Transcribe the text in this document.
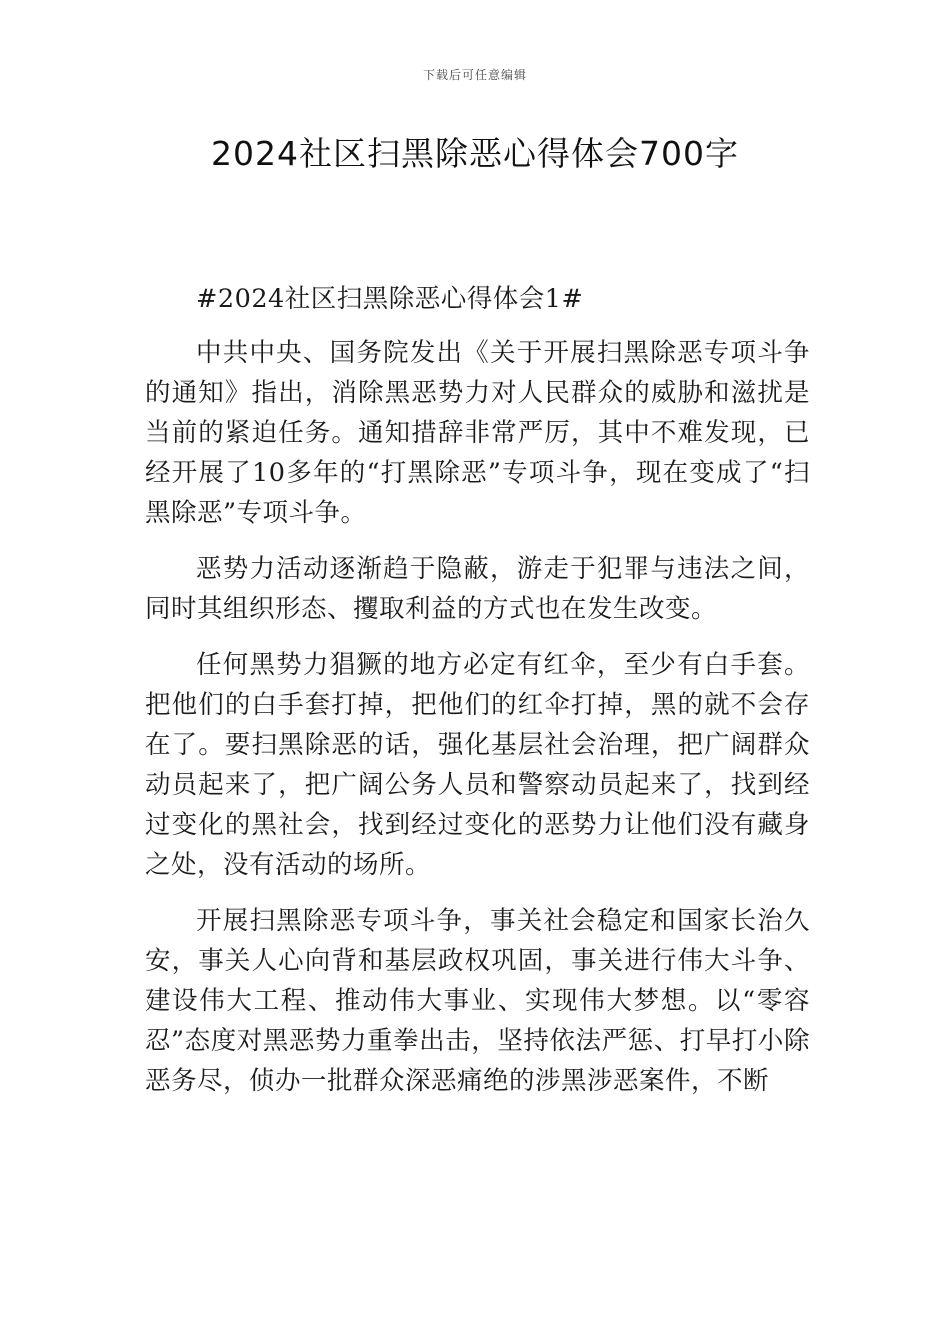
下载后可任意编辑
2024社区扫黑除恶心得体会700字

#2024社区扫黑除恶心得体会1#

中共中央、国务院发出《关于开展扫黑除恶专项斗争的通知》指出，消除黑恶势力对人民群众的威胁和滋扰是当前的紧迫任务。通知措辞非常严厉，其中不难发现，已经开展了10多年的“打黑除恶”专项斗争，现在变成了“扫黑除恶”专项斗争。

恶势力活动逐渐趋于隐蔽，游走于犯罪与违法之间，同时其组织形态、攫取利益的方式也在发生改变。

任何黑势力猖獗的地方必定有红伞，至少有白手套。把他们的白手套打掉，把他们的红伞打掉，黑的就不会存在了。要扫黑除恶的话，强化基层社会治理，把广阔群众动员起来了，把广阔公务人员和警察动员起来了，找到经过变化的黑社会，找到经过变化的恶势力让他们没有藏身之处，没有活动的场所。

开展扫黑除恶专项斗争，事关社会稳定和国家长治久安，事关人心向背和基层政权巩固，事关进行伟大斗争、建设伟大工程、推动伟大事业、实现伟大梦想。以“零容忍”态度对黑恶势力重拳出击，坚持依法严惩、打早打小除恶务尽，侦办一批群众深恶痛绝的涉黑涉恶案件，不断
